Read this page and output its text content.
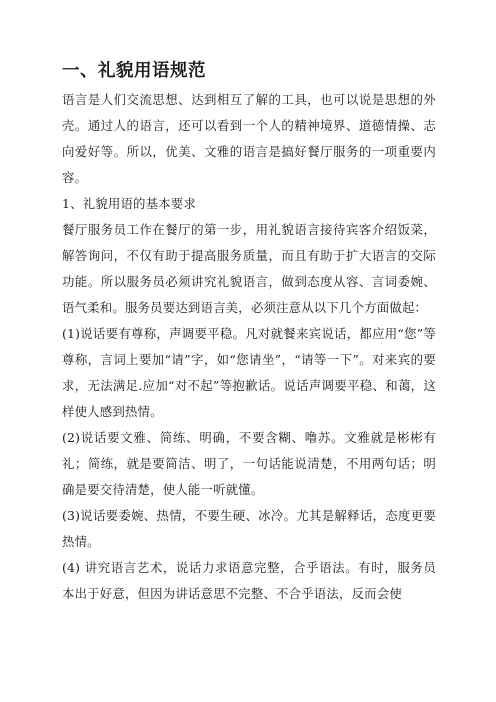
一、礼貌用语规范

语言是人们交流思想、达到相互了解的工具，也可以说是思想的外壳。通过人的语言，还可以看到一个人的精神境界、道德情操、志向爱好等。所以，优美、文雅的语言是搞好餐厅服务的一项重要内容。

1、礼貌用语的基本要求

餐厅服务员工作在餐厅的第一步，用礼貌语言接待宾客介绍饭菜，解答询问，不仅有助于提高服务质量，而且有助于扩大语言的交际功能。所以服务员必须讲究礼貌语言，做到态度从容、言词委婉、语气柔和。服务员要达到语言美，必须注意从以下几个方面做起：

(1)说话要有尊称，声调要平稳。凡对就餐来宾说话，都应用“您”等尊称，言词上要加“请”字，如“您请坐”，“请等一下”。对来宾的要求，无法满足.应加“对不起”等抱歉话。说话声调要平稳、和蔼，这样使人感到热情。

(2)说话要文雅、简练、明确，不要含糊、噜苏。文雅就是彬彬有礼；简练，就是要简洁、明了，一句话能说清楚，不用两句话；明确是要交待清楚，使人能一听就懂。

(3)说话要委婉、热情，不要生硬、冰冷。尤其是解释话，态度更要热情。

(4) 讲究语言艺术，说话力求语意完整，合乎语法。有时，服务员本出于好意，但因为讲话意思不完整、不合乎语法，反而会使
